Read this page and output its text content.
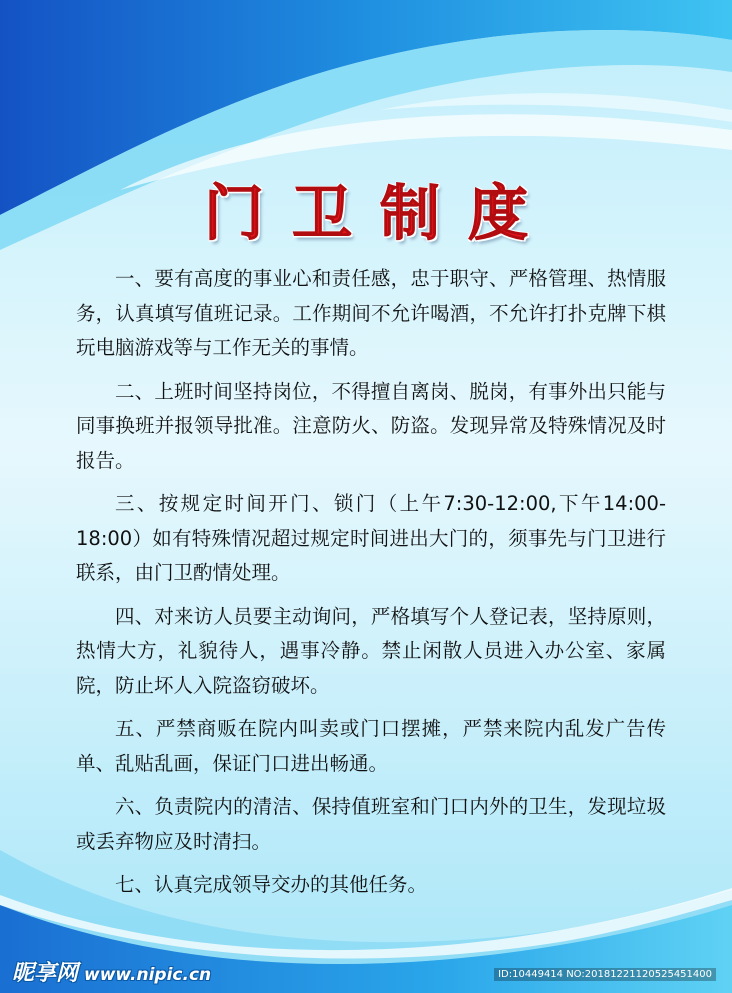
门卫制度

一、要有高度的事业心和责任感，忠于职守、严格管理、热情服务，认真填写值班记录。工作期间不允许喝酒，不允许打扑克牌下棋玩电脑游戏等与工作无关的事情。

二、上班时间坚持岗位，不得擅自离岗、脱岗，有事外出只能与同事换班并报领导批准。注意防火、防盗。发现异常及特殊情况及时报告。

三、按规定时间开门、锁门（上午7:30-12:00,下午14:00-18:00）如有特殊情况超过规定时间进出大门的，须事先与门卫进行联系，由门卫酌情处理。

四、对来访人员要主动询问，严格填写个人登记表，坚持原则，热情大方，礼貌待人，遇事冷静。禁止闲散人员进入办公室、家属院，防止坏人入院盗窃破坏。

五、严禁商贩在院内叫卖或门口摆摊，严禁来院内乱发广告传单、乱贴乱画，保证门口进出畅通。

六、负责院内的清洁、保持值班室和门口内外的卫生，发现垃圾或丢弃物应及时清扫。

七、认真完成领导交办的其他任务。

昵享网 www.nipic.cn	ID:10449414 NO:20181221120525451400
